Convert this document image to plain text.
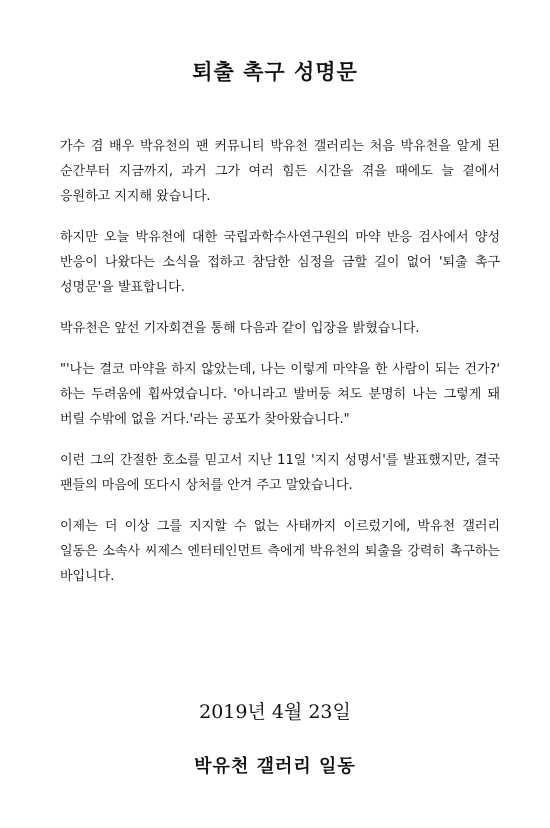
퇴출 촉구 성명문

가수 겸 배우 박유천의 팬 커뮤니티 박유천 갤러리는 처음 박유천을 알게 된 순간부터 지금까지, 과거 그가 여러 힘든 시간을 겪을 때에도 늘 곁에서 응원하고 지지해 왔습니다.

하지만 오늘 박유천에 대한 국립과학수사연구원의 마약 반응 검사에서 양성 반응이 나왔다는 소식을 접하고 참담한 심정을 금할 길이 없어 '퇴출 촉구 성명문'을 발표합니다.

박유천은 앞선 기자회견을 통해 다음과 같이 입장을 밝혔습니다.

"'나는 결코 마약을 하지 않았는데, 나는 이렇게 마약을 한 사람이 되는 건가?' 하는 두려움에 휩싸였습니다. '아니라고 발버둥 쳐도 분명히 나는 그렇게 돼 버릴 수밖에 없을 거다.'라는 공포가 찾아왔습니다."

이런 그의 간절한 호소를 믿고서 지난 11일 '지지 성명서'를 발표했지만, 결국 팬들의 마음에 또다시 상처를 안겨 주고 말았습니다.

이제는 더 이상 그를 지지할 수 없는 사태까지 이르렀기에, 박유천 갤러리 일동은 소속사 씨제스 엔터테인먼트 측에게 박유천의 퇴출을 강력히 촉구하는 바입니다.

2019년 4월 23일
박유천 갤러리 일동
